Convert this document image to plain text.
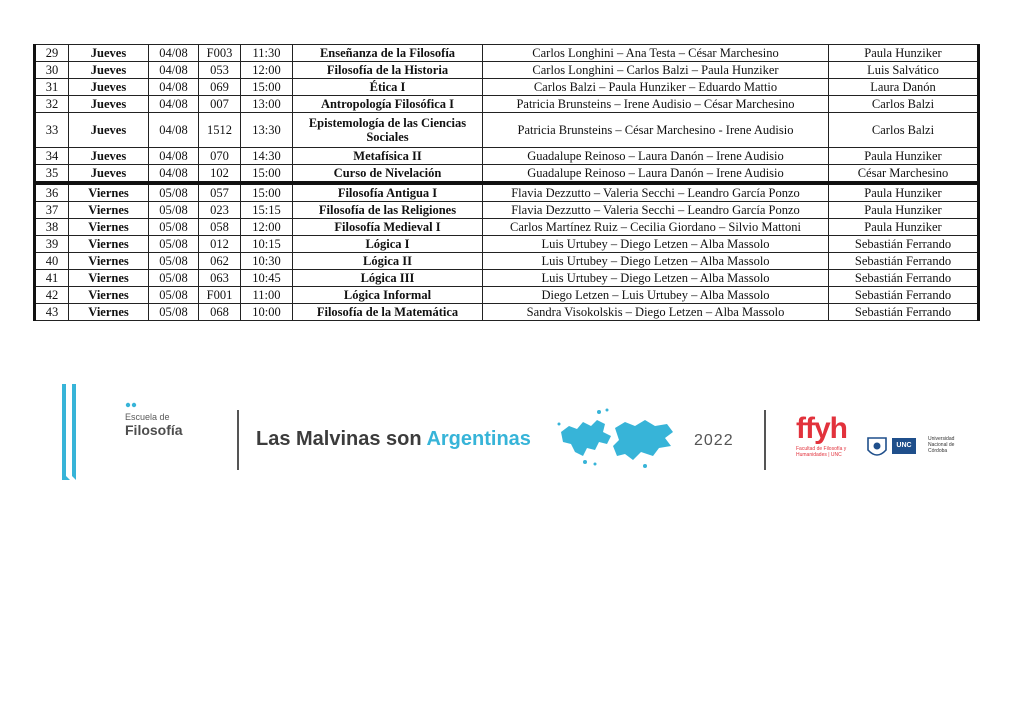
29	Jueves	04/08	F003	11:30	Enseñanza de la Filosofía	Carlos Longhini – Ana Testa – César Marchesino	Paula Hunziker
30	Jueves	04/08	053	12:00	Filosofía de la Historia	Carlos Longhini – Carlos Balzi – Paula Hunziker	Luis Salvático
31	Jueves	04/08	069	15:00	Ética I	Carlos Balzi – Paula Hunziker – Eduardo Mattio	Laura Danón
32	Jueves	04/08	007	13:00	Antropología Filosófica I	Patricia Brunsteins – Irene Audisio – César Marchesino	Carlos Balzi
33	Jueves	04/08	1512	13:30	Epistemología de las Ciencias Sociales	Patricia Brunsteins – César Marchesino - Irene Audisio	Carlos Balzi
34	Jueves	04/08	070	14:30	Metafísica II	Guadalupe Reinoso – Laura Danón – Irene Audisio	Paula Hunziker
35	Jueves	04/08	102	15:00	Curso de Nivelación	Guadalupe Reinoso – Laura Danón – Irene Audisio	César Marchesino
36	Viernes	05/08	057	15:00	Filosofía Antigua I	Flavia Dezzutto – Valeria Secchi – Leandro García Ponzo	Paula Hunziker
37	Viernes	05/08	023	15:15	Filosofía de las Religiones	Flavia Dezzutto – Valeria Secchi – Leandro García Ponzo	Paula Hunziker
38	Viernes	05/08	058	12:00	Filosofía Medieval I	Carlos Martínez Ruiz – Cecilia Giordano – Silvio Mattoni	Paula Hunziker
39	Viernes	05/08	012	10:15	Lógica I	Luis Urtubey – Diego Letzen – Alba Massolo	Sebastián Ferrando
40	Viernes	05/08	062	10:30	Lógica II	Luis Urtubey – Diego Letzen – Alba Massolo	Sebastián Ferrando
41	Viernes	05/08	063	10:45	Lógica III	Luis Urtubey – Diego Letzen – Alba Massolo	Sebastián Ferrando
42	Viernes	05/08	F001	11:00	Lógica Informal	Diego Letzen – Luis Urtubey – Alba Massolo	Sebastián Ferrando
43	Viernes	05/08	068	10:00	Filosofía de la Matemática	Sandra Visokolskis – Diego Letzen – Alba Massolo	Sebastián Ferrando
Escuela de
Filosofía	Las Malvinas son Argentinas	2022 ffyh
Facultad de Filosofía y Humanidades | UNC
UNC
Universidad Nacional de Córdoba
